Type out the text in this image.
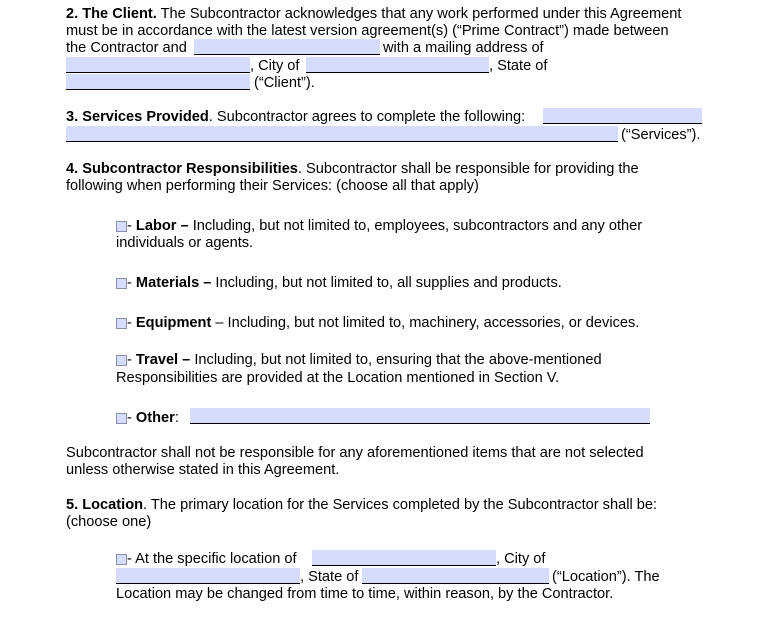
2. The Client. The Subcontractor acknowledges that any work performed under this Agreement
must be in accordance with the latest version agreement(s) (“Prime Contract”) made between
the Contractor and	with a mailing address of
, City of	, State of
(“Client”).
3. Services Provided. Subcontractor agrees to complete the following:
(“Services”).
4. Subcontractor Responsibilities. Subcontractor shall be responsible for providing the
following when performing their Services: (choose all that apply)
- Labor – Including, but not limited to, employees, subcontractors and any other
individuals or agents.
- Materials – Including, but not limited to, all supplies and products.
- Equipment – Including, but not limited to, machinery, accessories, or devices.
- Travel – Including, but not limited to, ensuring that the above-mentioned
Responsibilities are provided at the Location mentioned in Section V.
- Other:
Subcontractor shall not be responsible for any aforementioned items that are not selected
unless otherwise stated in this Agreement.
5. Location. The primary location for the Services completed by the Subcontractor shall be:
(choose one)
- At the specific location of	, City of
, State of	(“Location”). The
Location may be changed from time to time, within reason, by the Contractor.
